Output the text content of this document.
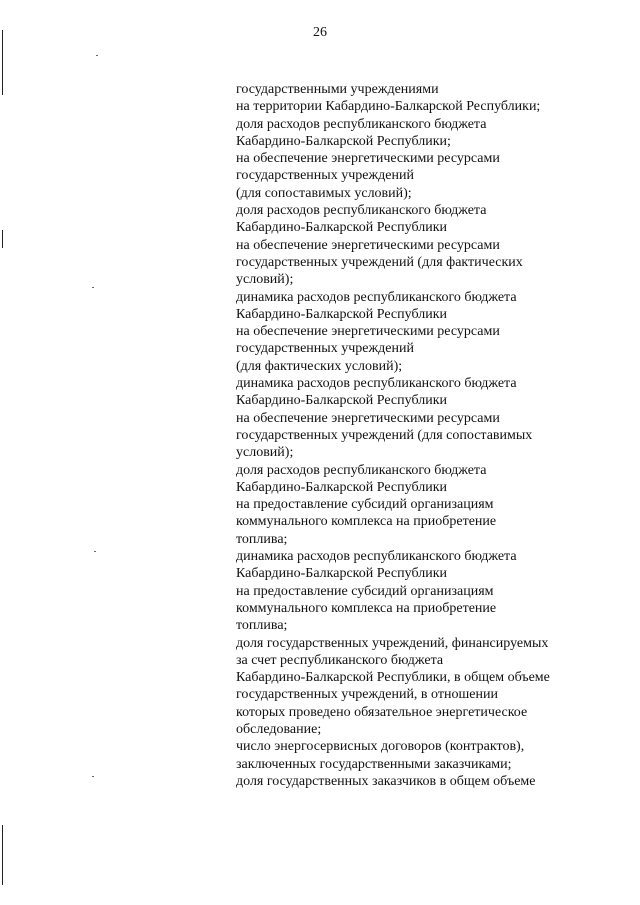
26

государственными учреждениями
на территории Кабардино-Балкарской Республики;
доля расходов республиканского бюджета
Кабардино-Балкарской Республики;
на обеспечение энергетическими ресурсами
государственных учреждений
(для сопоставимых условий);
доля расходов республиканского бюджета
Кабардино-Балкарской Республики
на обеспечение энергетическими ресурсами
государственных учреждений (для фактических
условий);
динамика расходов республиканского бюджета
Кабардино-Балкарской Республики
на обеспечение энергетическими ресурсами
государственных учреждений
(для фактических условий);
динамика расходов республиканского бюджета
Кабардино-Балкарской Республики
на обеспечение энергетическими ресурсами
государственных учреждений (для сопоставимых
условий);
доля расходов республиканского бюджета
Кабардино-Балкарской Республики
на предоставление субсидий организациям
коммунального комплекса на приобретение
топлива;
динамика расходов республиканского бюджета
Кабардино-Балкарской Республики
на предоставление субсидий организациям
коммунального комплекса на приобретение
топлива;
доля государственных учреждений, финансируемых
за счет республиканского бюджета
Кабардино-Балкарской Республики, в общем объеме
государственных учреждений, в отношении
которых проведено обязательное энергетическое
обследование;
число энергосервисных договоров (контрактов),
заключенных государственными заказчиками;
доля государственных заказчиков в общем объеме
